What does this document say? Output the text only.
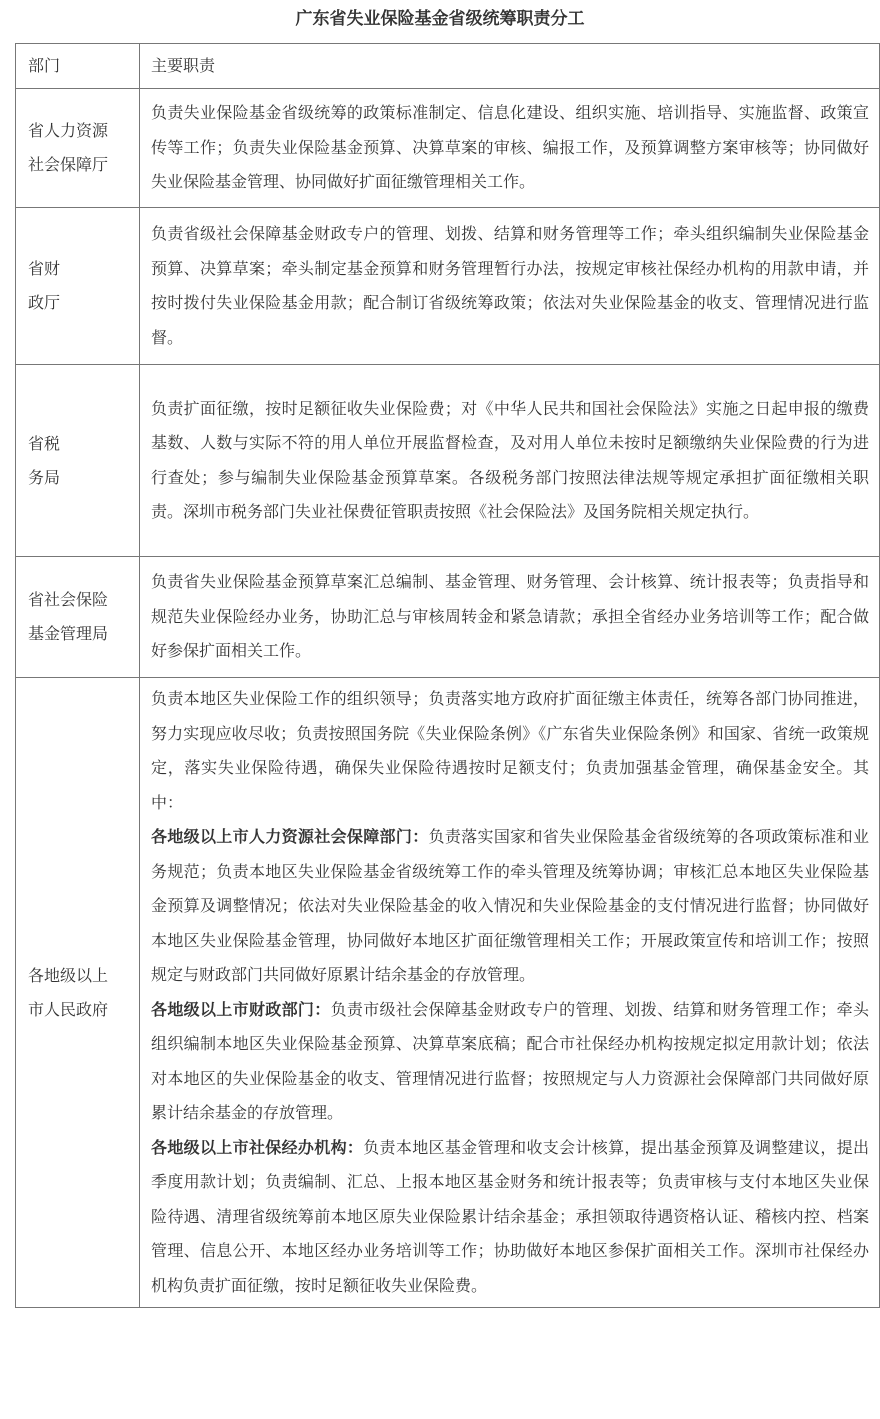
广东省失业保险基金省级统筹职责分工
部门	主要职责

省人力资源
社会保障厅	负责失业保险基金省级统筹的政策标准制定、信息化建设、组织实施、培训指导、实施监督、政策宣传等工作；负责失业保险基金预算、决算草案的审核、编报工作，及预算调整方案审核等；协同做好失业保险基金管理、协同做好扩面征缴管理相关工作。

省财
政厅	负责省级社会保障基金财政专户的管理、划拨、结算和财务管理等工作；牵头组织编制失业保险基金预算、决算草案；牵头制定基金预算和财务管理暂行办法，按规定审核社保经办机构的用款申请，并按时拨付失业保险基金用款；配合制订省级统筹政策；依法对失业保险基金的收支、管理情况进行监督。

省税
务局	负责扩面征缴，按时足额征收失业保险费；对《中华人民共和国社会保险法》实施之日起申报的缴费基数、人数与实际不符的用人单位开展监督检查，及对用人单位未按时足额缴纳失业保险费的行为进行查处；参与编制失业保险基金预算草案。各级税务部门按照法律法规等规定承担扩面征缴相关职责。深圳市税务部门失业社保费征管职责按照《社会保险法》及国务院相关规定执行。

省社会保险
基金管理局	负责省失业保险基金预算草案汇总编制、基金管理、财务管理、会计核算、统计报表等；负责指导和规范失业保险经办业务，协助汇总与审核周转金和紧急请款；承担全省经办业务培训等工作；配合做好参保扩面相关工作。

各地级以上
市人民政府	负责本地区失业保险工作的组织领导；负责落实地方政府扩面征缴主体责任，统筹各部门协同推进，努力实现应收尽收；负责按照国务院《失业保险条例》《广东省失业保险条例》和国家、省统一政策规定，落实失业保险待遇，确保失业保险待遇按时足额支付；负责加强基金管理，确保基金安全。其中：
各地级以上市人力资源社会保障部门：负责落实国家和省失业保险基金省级统筹的各项政策标准和业务规范；负责本地区失业保险基金省级统筹工作的牵头管理及统筹协调；审核汇总本地区失业保险基金预算及调整情况；依法对失业保险基金的收入情况和失业保险基金的支付情况进行监督；协同做好本地区失业保险基金管理，协同做好本地区扩面征缴管理相关工作；开展政策宣传和培训工作；按照规定与财政部门共同做好原累计结余基金的存放管理。
各地级以上市财政部门：负责市级社会保障基金财政专户的管理、划拨、结算和财务管理工作；牵头组织编制本地区失业保险基金预算、决算草案底稿；配合市社保经办机构按规定拟定用款计划；依法对本地区的失业保险基金的收支、管理情况进行监督；按照规定与人力资源社会保障部门共同做好原累计结余基金的存放管理。
各地级以上市社保经办机构：负责本地区基金管理和收支会计核算，提出基金预算及调整建议，提出季度用款计划；负责编制、汇总、上报本地区基金财务和统计报表等；负责审核与支付本地区失业保险待遇、清理省级统筹前本地区原失业保险累计结余基金；承担领取待遇资格认证、稽核内控、档案管理、信息公开、本地区经办业务培训等工作；协助做好本地区参保扩面相关工作。深圳市社保经办机构负责扩面征缴，按时足额征收失业保险费。
